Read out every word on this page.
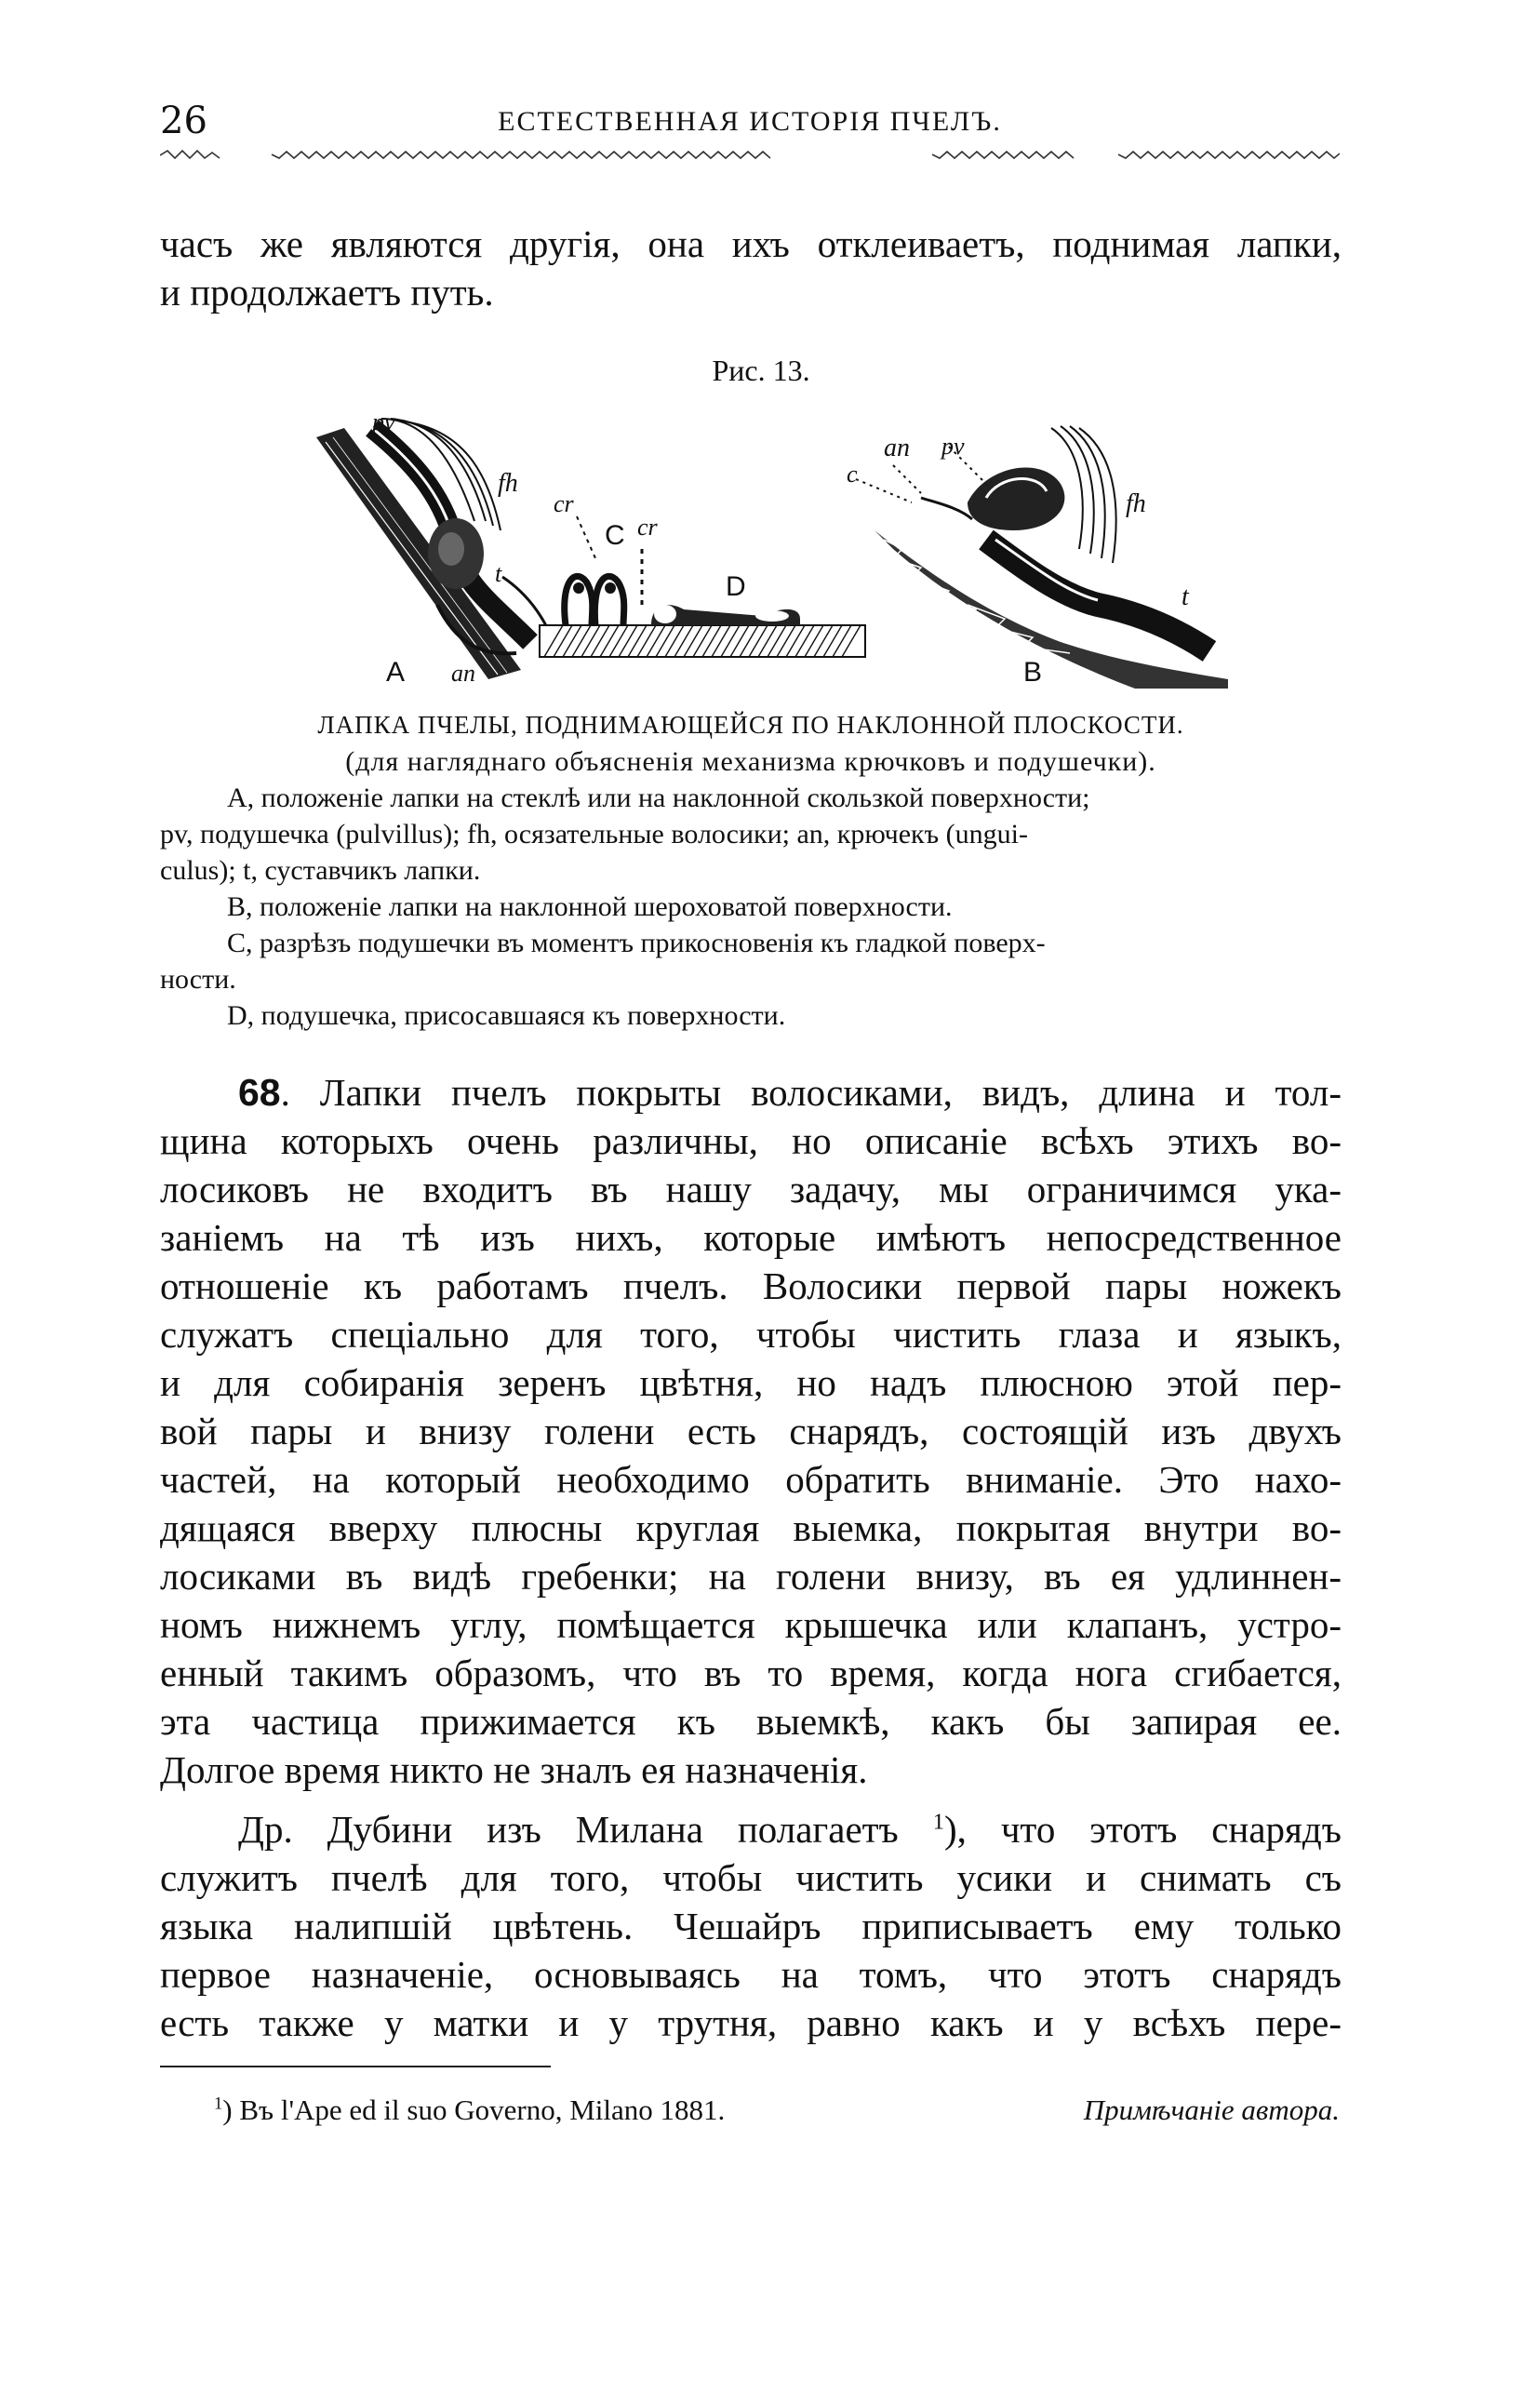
26	ЕСТЕСТВЕННАЯ ИСТОРІЯ ПЧЕЛЪ.
часъ же являются другія, она ихъ отклеиваетъ, поднимая лапки,
и продолжаетъ путь.
Рис. 13.
A
pv
fh
t
an
C
D
cr
cr
B
an
c
pv
fh
t
ЛАПКА ПЧЕЛЫ, ПОДНИМАЮЩЕЙСЯ ПО НАКЛОННОЙ ПЛОСКОСТИ.
(для нагляднаго объясненія механизма крючковъ и подушечки).
А, положеніе лапки на стеклѣ или на наклонной скользкой поверхности;
pv, подушечка (pulvillus); fh, осязательные волосики; an, крючекъ (ungui-
culus); t, суставчикъ лапки.
В, положеніе лапки на наклонной шероховатой поверхности.
С, разрѣзъ подушечки въ моментъ прикосновенія къ гладкой поверх-
ности.
D, подушечка, присосавшаяся къ поверхности.
68. Лапки пчелъ покрыты волосиками, видъ, длина и тол-
щина которыхъ очень различны, но описаніе всѣхъ этихъ во-
лосиковъ не входитъ въ нашу задачу, мы ограничимся ука-
заніемъ на тѣ изъ нихъ, которые имѣютъ непосредственное
отношеніе къ работамъ пчелъ. Волосики первой пары ножекъ
служатъ спеціально для того, чтобы чистить глаза и языкъ,
и для собиранія зеренъ цвѣтня, но надъ плюсною этой пер-
вой пары и внизу голени есть снарядъ, состоящій изъ двухъ
частей, на который необходимо обратить вниманіе. Это нахо-
дящаяся вверху плюсны круглая выемка, покрытая внутри во-
лосиками въ видѣ гребенки; на голени внизу, въ ея удлиннен-
номъ нижнемъ углу, помѣщается крышечка или клапанъ, устро-
енный такимъ образомъ, что въ то время, когда нога сгибается,
эта частица прижимается къ выемкѣ, какъ бы запирая ее.
Долгое время никто не зналъ ея назначенія.
Др. Дубини изъ Милана полагаетъ $^1$), что этотъ снарядъ
служитъ пчелѣ для того, чтобы чистить усики и снимать съ
языка налипшій цвѣтень. Чешайръ приписываетъ ему только
первое назначеніе, основываясь на томъ, что этотъ снарядъ
есть также у матки и у трутня, равно какъ и у всѣхъ пере-
$^1$) Въ l'Ape ed il suo Governo, Milano 1881.	Примѣчаніе автора.
